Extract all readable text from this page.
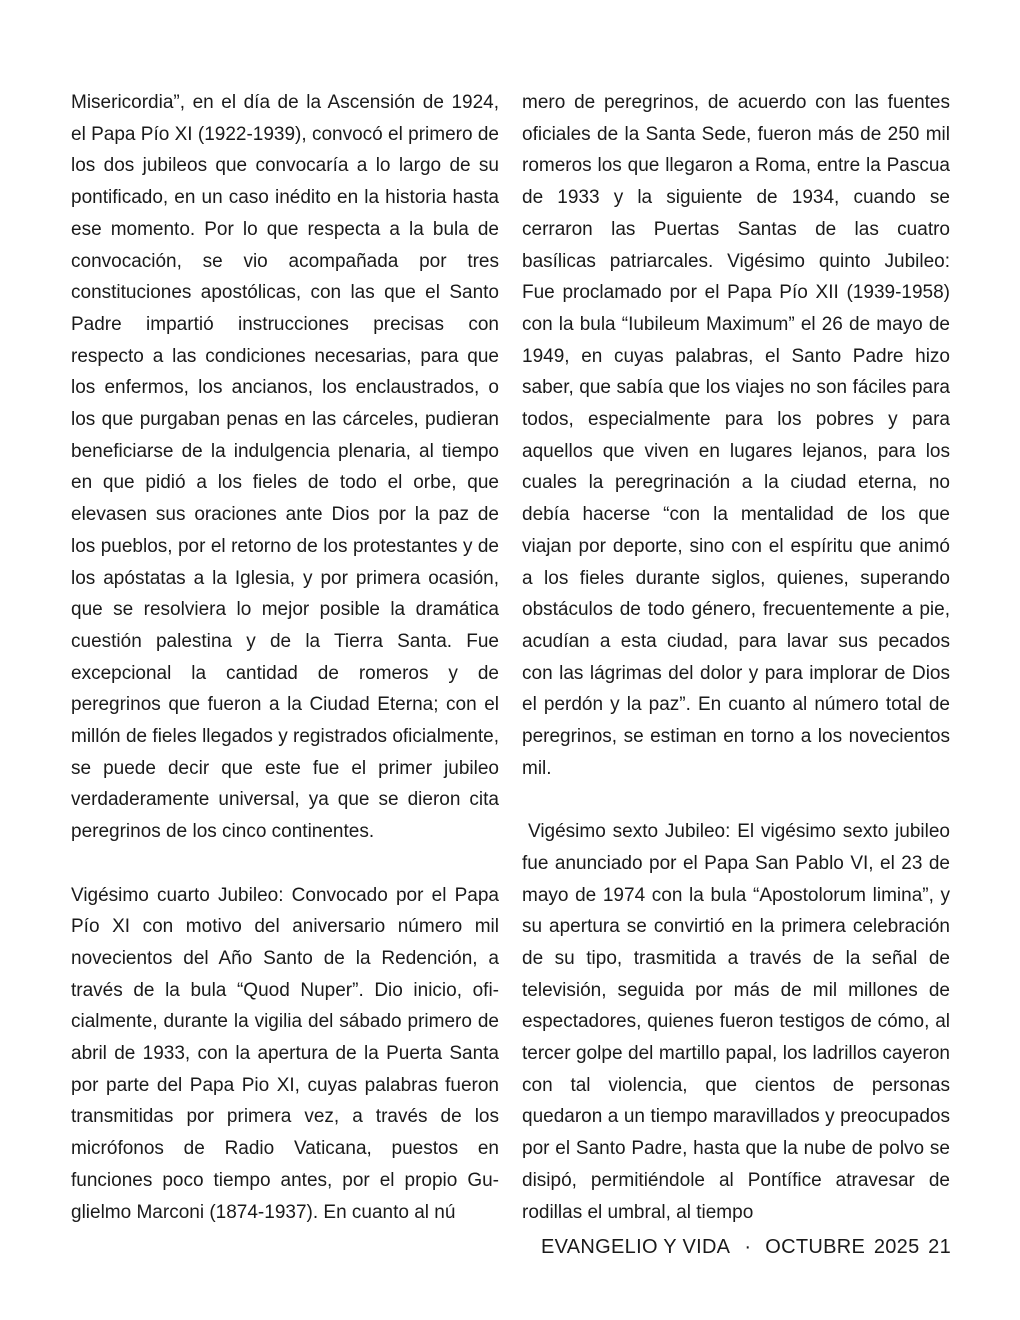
Misericordia”, en el día de la Ascensión de 1924, el Papa Pío XI (1922-1939), convocó el primero de los dos jubileos que convocaría a lo largo de su pontificado, en un caso inédito en la historia hasta ese momento. Por lo que respecta a la bula de convocación, se vio acompañada por tres constituciones apostólicas, con las que el Santo Padre impartió instrucciones precisas con respecto a las condiciones necesarias, para que los enfermos, los ancianos, los enclaustrados, o los que purgaban penas en las cárceles, pudieran beneficiarse de la indulgencia plenaria, al tiempo en que pidió a los fieles de todo el orbe, que elevasen sus oraciones ante Dios por la paz de los pueblos, por el retorno de los protestantes y de los apóstatas a la Iglesia, y por primera ocasión, que se resolviera lo mejor posible la dramática cuestión palestina y de la Tierra Santa. Fue excepcional la cantidad de romeros y de peregrinos que fueron a la Ciudad Eterna; con el millón de fieles llegados y registrados oficialmente, se puede decir que este fue el primer jubileo verdaderamente universal, ya que se dieron cita peregrinos de los cinco continentes.

Vigésimo cuarto Jubileo: Convocado por el Papa Pío XI con motivo del aniversario número mil novecientos del Año Santo de la Redención, a través de la bula “Quod Nuper”. Dio inicio, oficialmente, durante la vigilia del sábado primero de abril de 1933, con la apertura de la Puerta Santa por parte del Papa Pio XI, cuyas palabras fueron transmitidas por primera vez, a través de los micrófonos de Radio Vaticana, puestos en funciones poco tiempo antes, por el propio Guglielmo Marconi (1874-1937). En cuanto al nú

mero de peregrinos, de acuerdo con las fuentes oficiales de la Santa Sede, fueron más de 250 mil romeros los que llegaron a Roma, entre la Pascua de 1933 y la siguiente de 1934, cuando se cerraron las Puertas Santas de las cuatro basílicas patriarcales. Vigésimo quinto Jubileo: Fue proclamado por el Papa Pío XII (1939-1958) con la bula “Iubileum Maximum” el 26 de mayo de 1949, en cuyas palabras, el Santo Padre hizo saber, que sabía que los viajes no son fáciles para todos, especialmente para los pobres y para aquellos que viven en lugares lejanos, para los cuales la peregrinación a la ciudad eterna, no debía hacerse “con la mentalidad de los que viajan por deporte, sino con el espíritu que animó a los fieles durante siglos, quienes, superando obstáculos de todo género, frecuentemente a pie, acudían a esta ciudad, para lavar sus pecados con las lágrimas del dolor y para implorar de Dios el perdón y la paz”. En cuanto al número total de peregrinos, se estiman en torno a los novecientos mil.

Vigésimo sexto Jubileo: El vigésimo sexto jubileo fue anunciado por el Papa San Pablo VI, el 23 de mayo de 1974 con la bula “Apostolorum limina”, y su apertura se convirtió en la primera celebración de su tipo, trasmitida a través de la señal de televisión, seguida por más de mil millones de espectadores, quienes fueron testigos de cómo, al tercer golpe del martillo papal, los ladrillos cayeron con tal violencia, que cientos de personas quedaron a un tiempo maravillados y preocupados por el Santo Padre, hasta que la nube de polvo se disipó, permitiéndole al Pontífice atravesar de rodillas el umbral, al tiempo

EVANGELIO Y VIDA · OCTUBRE 2025 21
